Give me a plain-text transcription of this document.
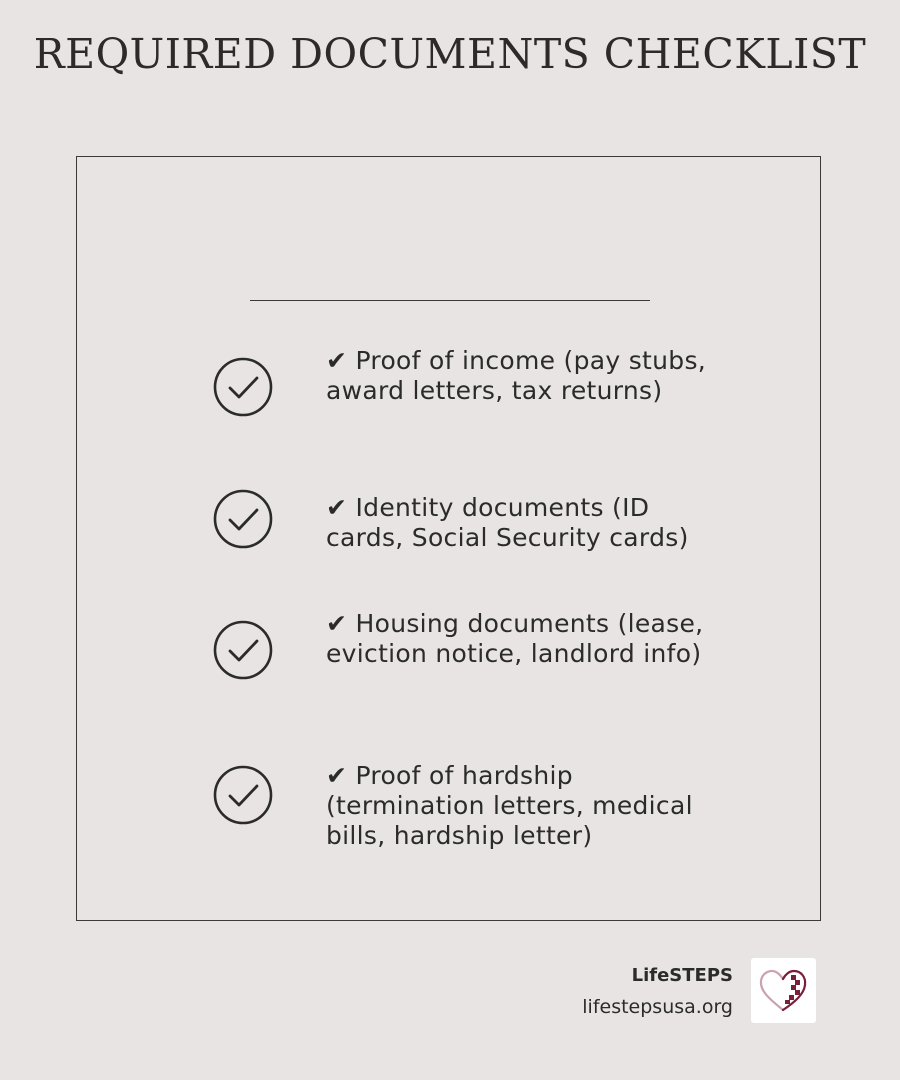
REQUIRED DOCUMENTS CHECKLIST
✔ Proof of income (pay stubs, award letters, tax returns)
✔ Identity documents (ID cards, Social Security cards)
✔ Housing documents (lease, eviction notice, landlord info)
✔ Proof of hardship (termination letters, medical bills, hardship letter)
LifeSTEPS
lifestepsusa.org
